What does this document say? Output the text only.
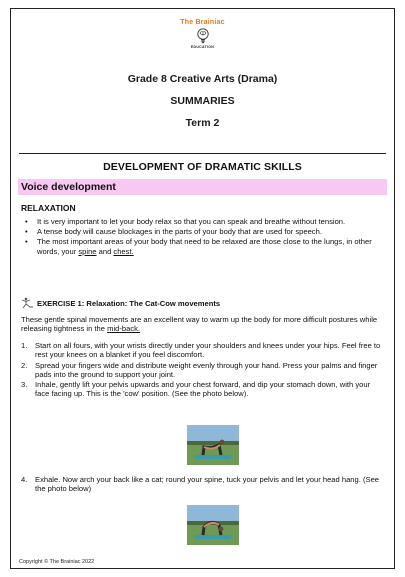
The Brainiac
EDUCATION
Grade 8 Creative Arts (Drama)
SUMMARIES
Term 2
DEVELOPMENT OF DRAMATIC SKILLS
Voice development
RELAXATION
• It is very important to let your body relax so that you can speak and breathe without tension.
• A tense body will cause blockages in the parts of your body that are used for speech.
• The most important areas of your body that need to be relaxed are those close to the lungs, in other words, your spine and chest.
EXERCISE 1: Relaxation: The Cat-Cow movements
These gentle spinal movements are an excellent way to warm up the body for more difficult postures while releasing tightness in the mid-back.
1. Start on all fours, with your wrists directly under your shoulders and knees under your hips. Feel free to rest your knees on a blanket if you feel discomfort.
2. Spread your fingers wide and distribute weight evenly through your hand. Press your palms and finger pads into the ground to support your joint.
3. Inhale, gently lift your pelvis upwards and your chest forward, and dip your stomach down, with your face facing up. This is the 'cow' position. (See the photo below).
4. Exhale. Now arch your back like a cat; round your spine, tuck your pelvis and let your head hang. (See the photo below)
Copyright © The Brainiac 2022
